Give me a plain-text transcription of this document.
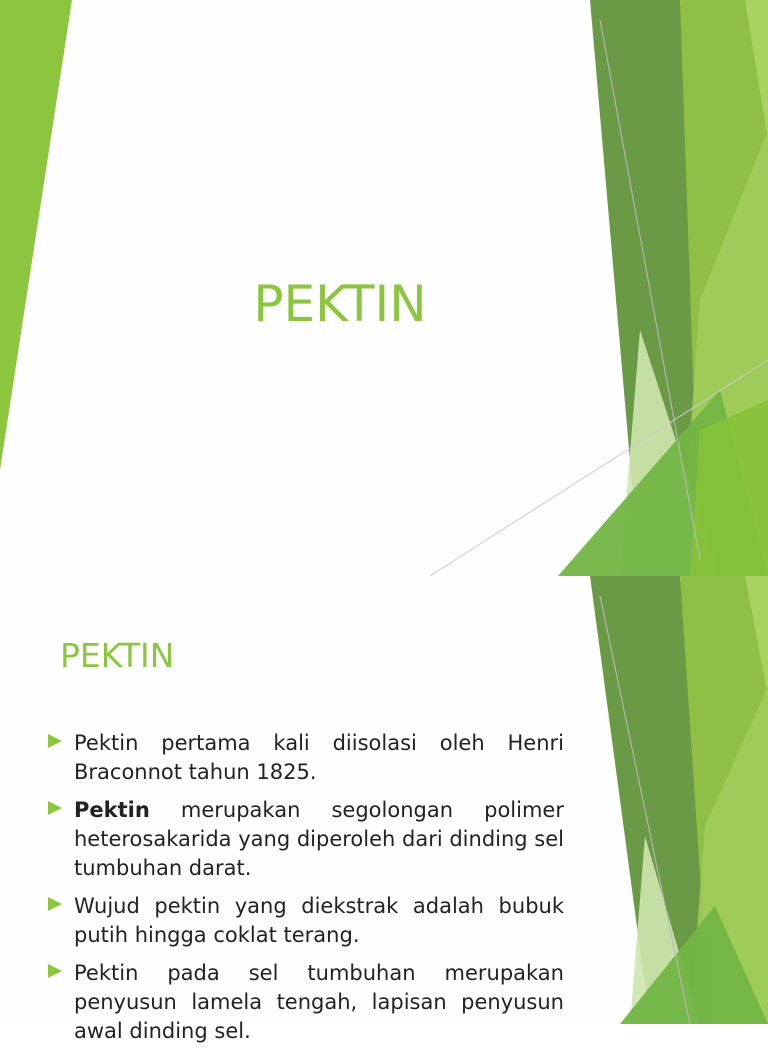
PEKTIN
PEKTIN
Pektin pertama kali diisolasi oleh Henri Braconnot tahun 1825.
Pektin merupakan segolongan polimer heterosakarida yang diperoleh dari dinding sel tumbuhan darat.
Wujud pektin yang diekstrak adalah bubuk putih hingga coklat terang.
Pektin pada sel tumbuhan merupakan penyusun lamela tengah, lapisan penyusun awal dinding sel.
